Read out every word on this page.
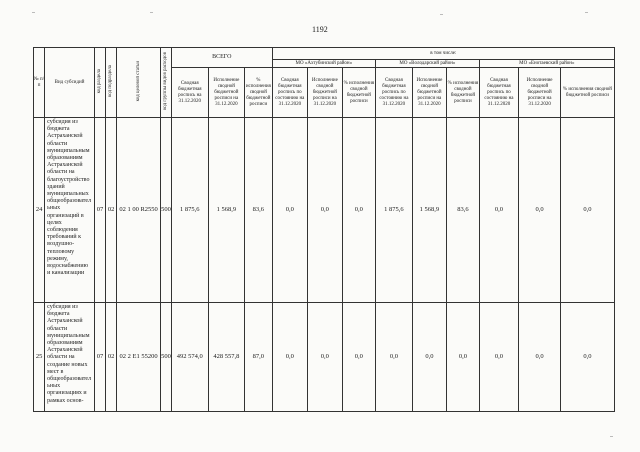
1192
№ п/п	Вид субсидий	код раздела	код подраздела	код целевой статьи	код группы видов расходов	ВСЕГО			в том числе:								
									МО «Ахтубинский район»			МО «Володарский район»			МО «Енотаевский район»		
						Сводная бюджетная роспись на 31.12.2020	Исполнение сводной бюджетной росписи на 31.12.2020	% исполнения сводной бюджетной росписи	Сводная бюджетная роспись по состоянию на 31.12.2020	Исполнение сводной бюджетной росписи на 31.12.2020	% исполнения сводной бюджетной росписи	Сводная бюджетная роспись по состоянию на 31.12.2020	Исполнение сводной бюджетной росписи на 31.12.2020	% исполнения сводной бюджетной росписи	Сводная бюджетная роспись по состоянию на 31.12.2020	Исполнение сводной бюджетной росписи на 31.12.2020	% исполнения сводной бюджетной росписи
24	субсидия из бюджета Астраханской области муниципальным образованиям Астраханской области на благоустройство зданий муниципальных общеобразовательных организаций в целях соблюдения требований к воздушно-тепловому режиму, водоснабжению и канализации	07	02	02 1 00 R2550	500	1 875,6	1 568,9	83,6	0,0	0,0	0,0	1 875,6	1 568,9	83,6	0,0	0,0	0,0
25	субсидия из бюджета Астраханской области муниципальным образованиям Астраханской области на создание новых мест в общеобразовательных организациях и рамках основ-	07	02	02 2 E1 55200	500	492 574,0	428 557,8	87,0	0,0	0,0	0,0	0,0	0,0	0,0	0,0	0,0	0,0
